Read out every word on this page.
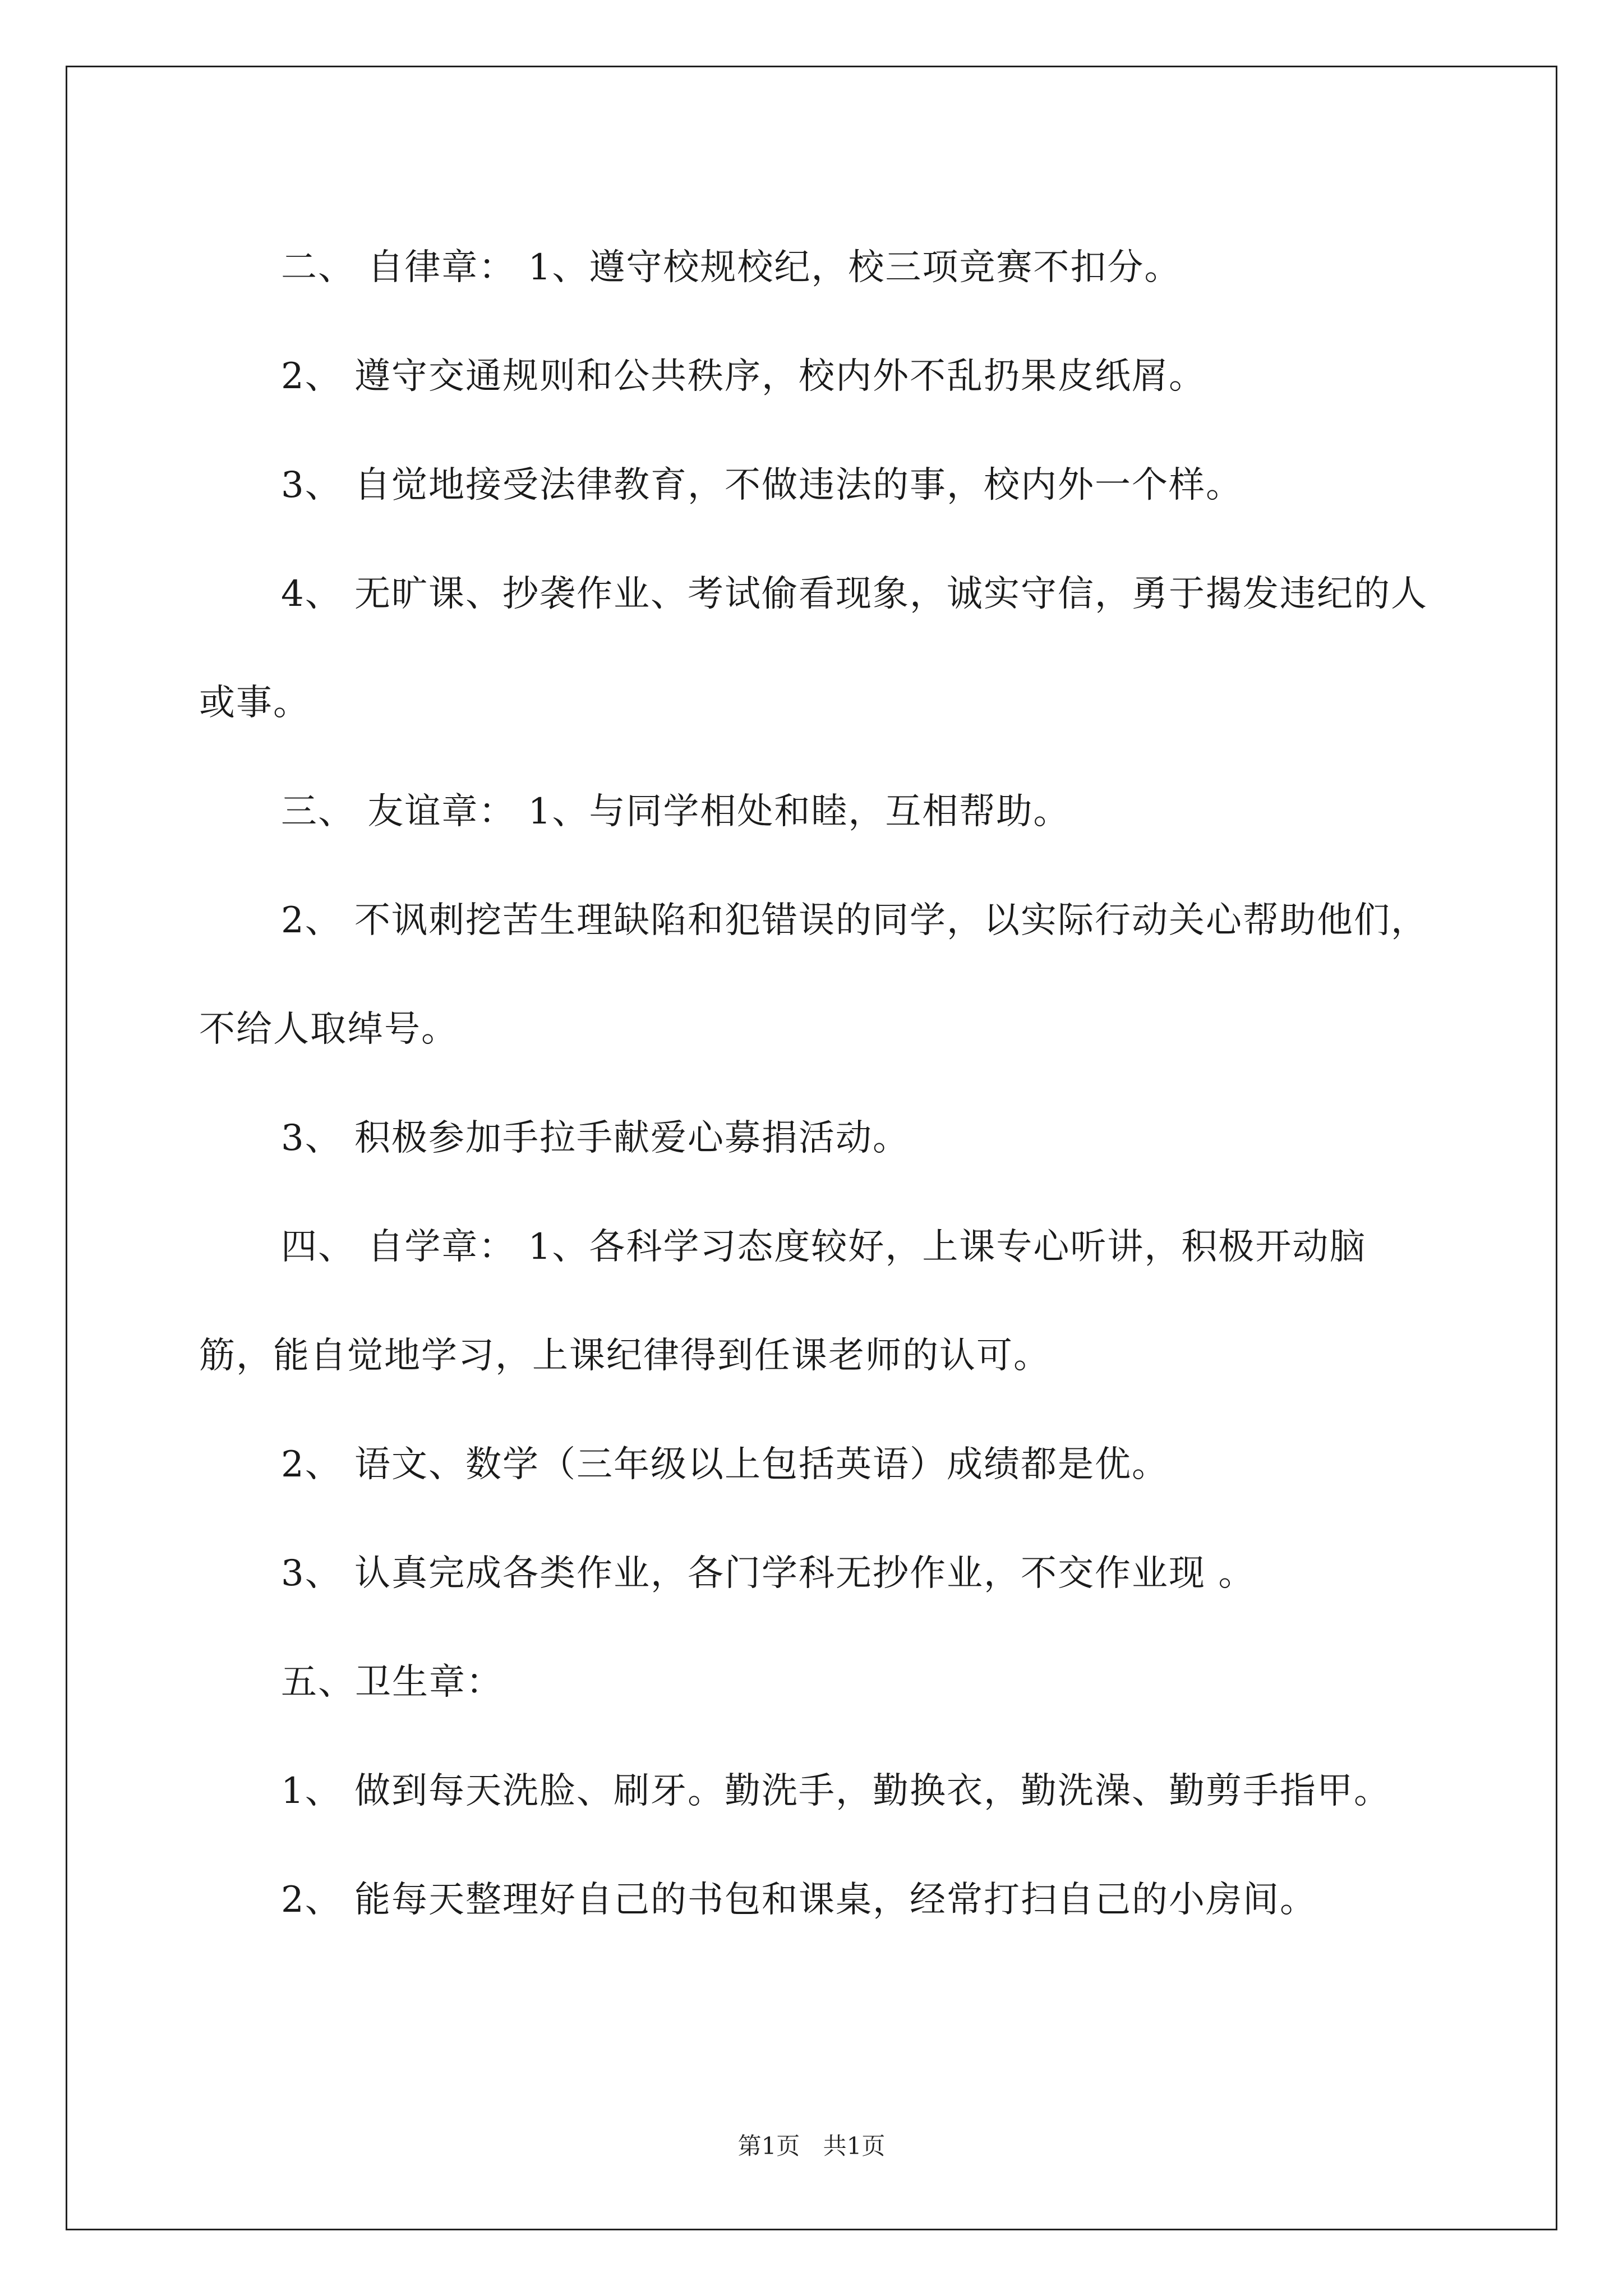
二、 自律章： 1、遵守校规校纪，校三项竞赛不扣分。

2、 遵守交通规则和公共秩序，校内外不乱扔果皮纸屑。

3、 自觉地接受法律教育，不做违法的事，校内外一个样。

4、 无旷课、抄袭作业、考试偷看现象，诚实守信，勇于揭发违纪的人或事。

三、 友谊章： 1、与同学相处和睦，互相帮助。

2、 不讽刺挖苦生理缺陷和犯错误的同学，以实际行动关心帮助他们，不给人取绰号。

3、 积极参加手拉手献爱心募捐活动。

四、 自学章： 1、各科学习态度较好，上课专心听讲，积极开动脑筋，能自觉地学习，上课纪律得到任课老师的认可。

2、 语文、数学（三年级以上包括英语）成绩都是优。

3、 认真完成各类作业，各门学科无抄作业，不交作业现 。

五、卫生章：

1、 做到每天洗脸、刷牙。勤洗手，勤换衣，勤洗澡、勤剪手指甲。

2、 能每天整理好自己的书包和课桌，经常打扫自己的小房间。

第1页 共1页
